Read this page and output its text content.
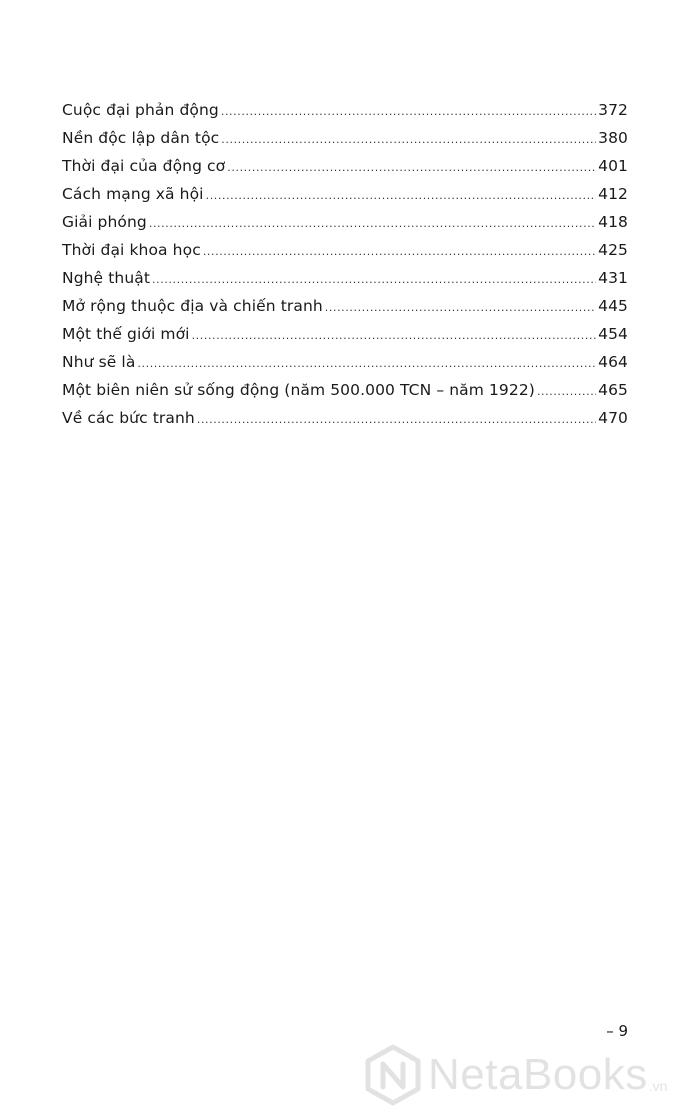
Cuộc đại phản động .....	372
Nền độc lập dân tộc .....	380
Thời đại của động cơ .....	401
Cách mạng xã hội .....	412
Giải phóng .....	418
Thời đại khoa học .....	425
Nghệ thuật .....	431
Mở rộng thuộc địa và chiến tranh .....	445
Một thế giới mới .....	454
Như sẽ là .....	464
Một biên niên sử sống động (năm 500.000 TCN – năm 1922) .....	465
Về các bức tranh .....	470
– 9
NetaBooks .vn
